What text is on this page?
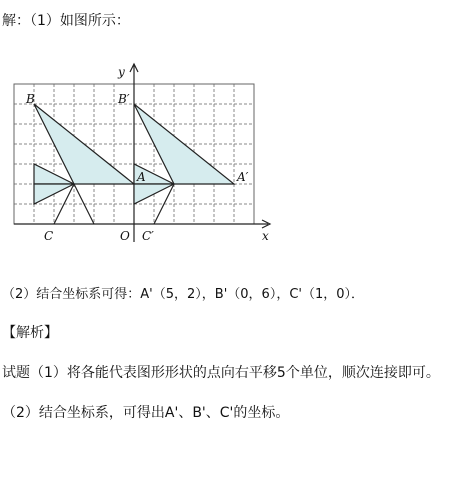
解：（1）如图所示：
y
x
O
A
B
C
A′
B′
C′
（2）结合坐标系可得：A'（5，2），B'（0，6），C'（1，0）．
【解析】
试题（1）将各能代表图形形状的点向右平移5个单位，顺次连接即可。
（2）结合坐标系，可得出A'、B'、C'的坐标。
